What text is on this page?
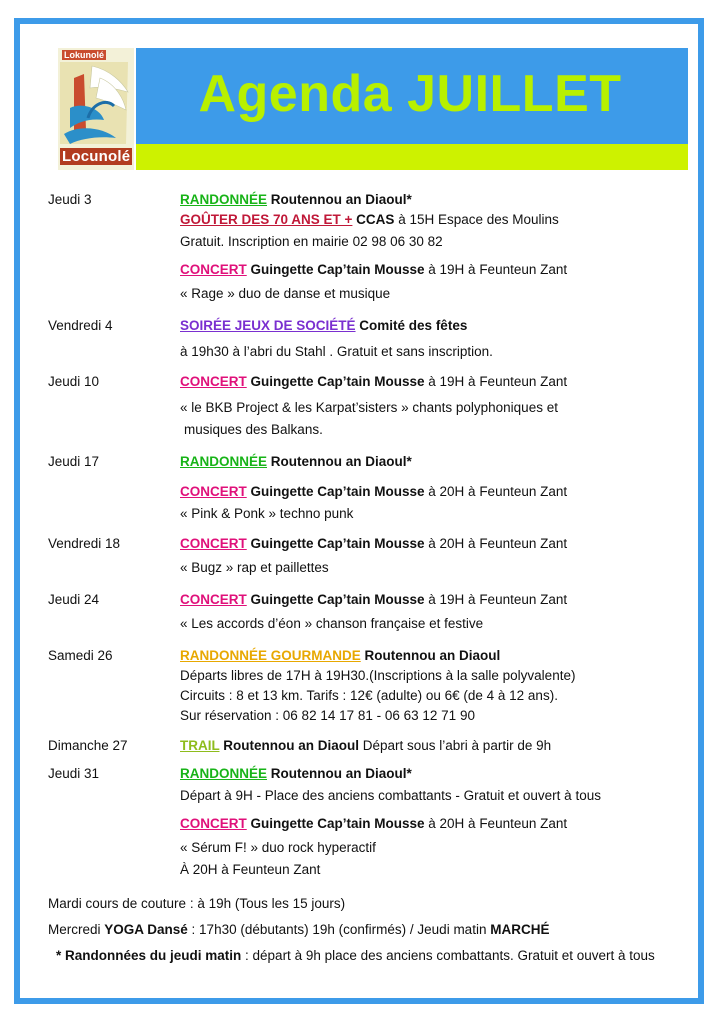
Lokunolé
Locunolé
Agenda JUILLET
Jeudi 3	RANDONNÉE Routennou an Diaoul*
GOÛTER DES 70 ANS ET + CCAS à 15H Espace des Moulins
Gratuit. Inscription en mairie 02 98 06 30 82
CONCERT Guingette Cap’tain Mousse à 19H à Feunteun Zant
« Rage » duo de danse et musique
Vendredi 4	SOIRÉE JEUX DE SOCIÉTÉ Comité des fêtes
à 19h30 à l’abri du Stahl . Gratuit et sans inscription.
Jeudi 10	CONCERT Guingette Cap’tain Mousse à 19H à Feunteun Zant
« le BKB Project & les Karpat’sisters » chants polyphoniques et
musiques des Balkans.
Jeudi 17	RANDONNÉE Routennou an Diaoul*
CONCERT Guingette Cap’tain Mousse à 20H à Feunteun Zant
« Pink & Ponk » techno punk
Vendredi 18	CONCERT Guingette Cap’tain Mousse à 20H à Feunteun Zant
« Bugz » rap et paillettes
Jeudi 24	CONCERT Guingette Cap’tain Mousse à 19H à Feunteun Zant
« Les accords d’éon » chanson française et festive
Samedi 26	RANDONNÉE GOURMANDE Routennou an Diaoul
Départs libres de 17H à 19H30.(Inscriptions à la salle polyvalente)
Circuits : 8 et 13 km. Tarifs : 12€ (adulte) ou 6€ (de 4 à 12 ans).
Sur réservation : 06 82 14 17 81 - 06 63 12 71 90
Dimanche 27	TRAIL Routennou an Diaoul Départ sous l’abri à partir de 9h
Jeudi 31	RANDONNÉE Routennou an Diaoul*
Départ à 9H - Place des anciens combattants - Gratuit et ouvert à tous
CONCERT Guingette Cap’tain Mousse à 20H à Feunteun Zant
« Sérum F! » duo rock hyperactif
À 20H à Feunteun Zant
Mardi cours de couture : à 19h (Tous les 15 jours)
Mercredi YOGA Dansé : 17h30 (débutants) 19h (confirmés) / Jeudi matin MARCHÉ
* Randonnées du jeudi matin : départ à 9h place des anciens combattants. Gratuit et ouvert à tous
